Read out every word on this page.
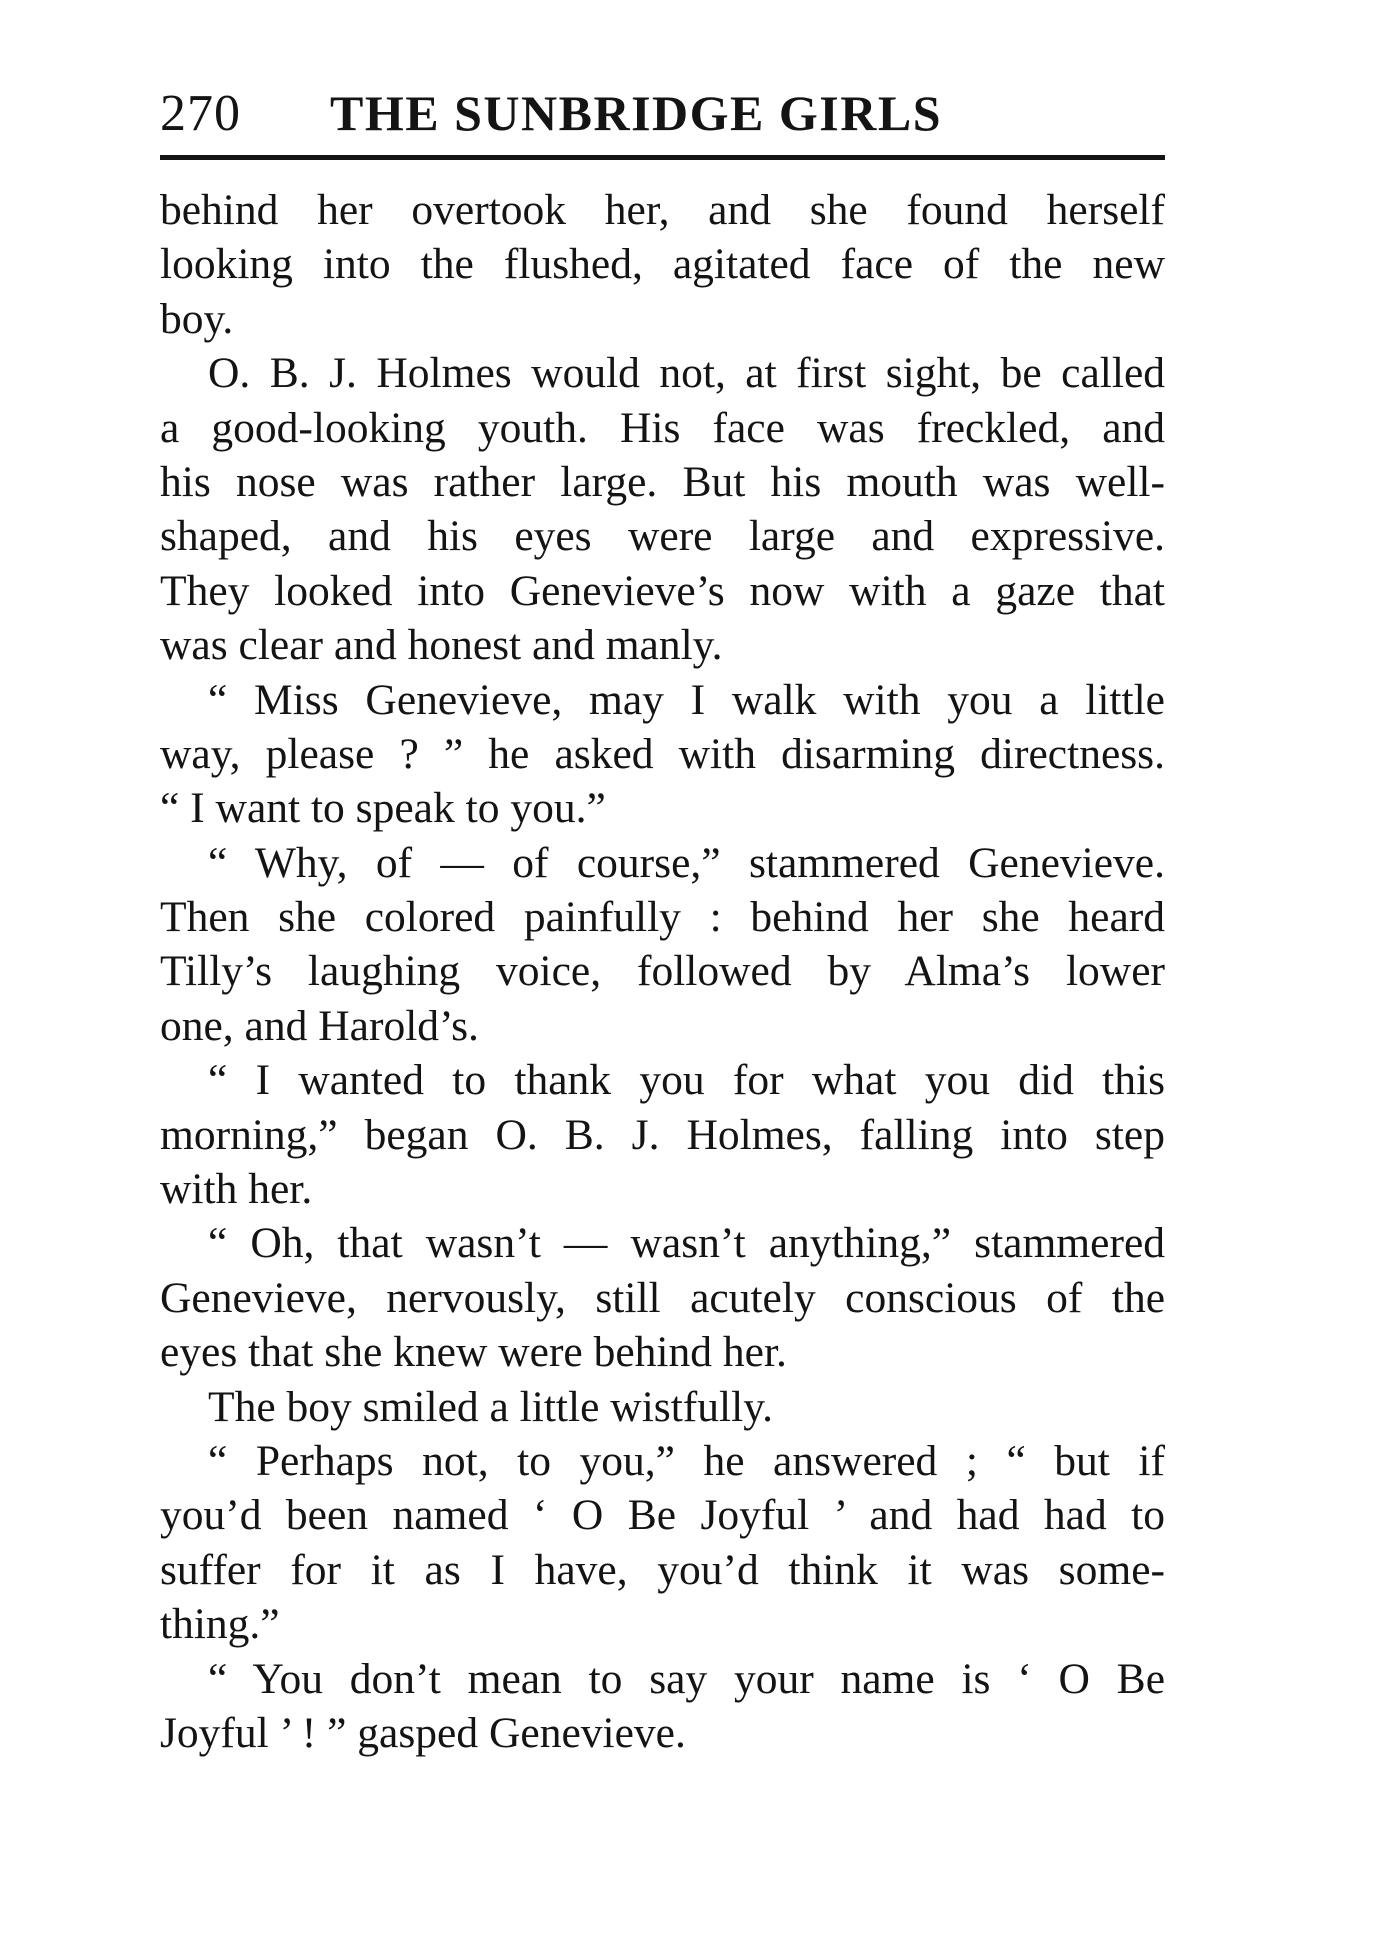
270	THE SUNBRIDGE GIRLS
behind her overtook her, and she found herself
looking into the flushed, agitated face of the new
boy.
O. B. J. Holmes would not, at first sight, be called
a good-looking youth. His face was freckled, and
his nose was rather large. But his mouth was well-
shaped, and his eyes were large and expressive.
They looked into Genevieve’s now with a gaze that
was clear and honest and manly.
“ Miss Genevieve, may I walk with you a little
way, please ? ” he asked with disarming directness.
“ I want to speak to you.”
“ Why, of — of course,” stammered Genevieve.
Then she colored painfully : behind her she heard
Tilly’s laughing voice, followed by Alma’s lower
one, and Harold’s.
“ I wanted to thank you for what you did this
morning,” began O. B. J. Holmes, falling into step
with her.
“ Oh, that wasn’t — wasn’t anything,” stammered
Genevieve, nervously, still acutely conscious of the
eyes that she knew were behind her.
The boy smiled a little wistfully.
“ Perhaps not, to you,” he answered ; “ but if
you’d been named ‘ O Be Joyful ’ and had had to
suffer for it as I have, you’d think it was some-
thing.”
“ You don’t mean to say your name is ‘ O Be
Joyful ’ ! ” gasped Genevieve.
